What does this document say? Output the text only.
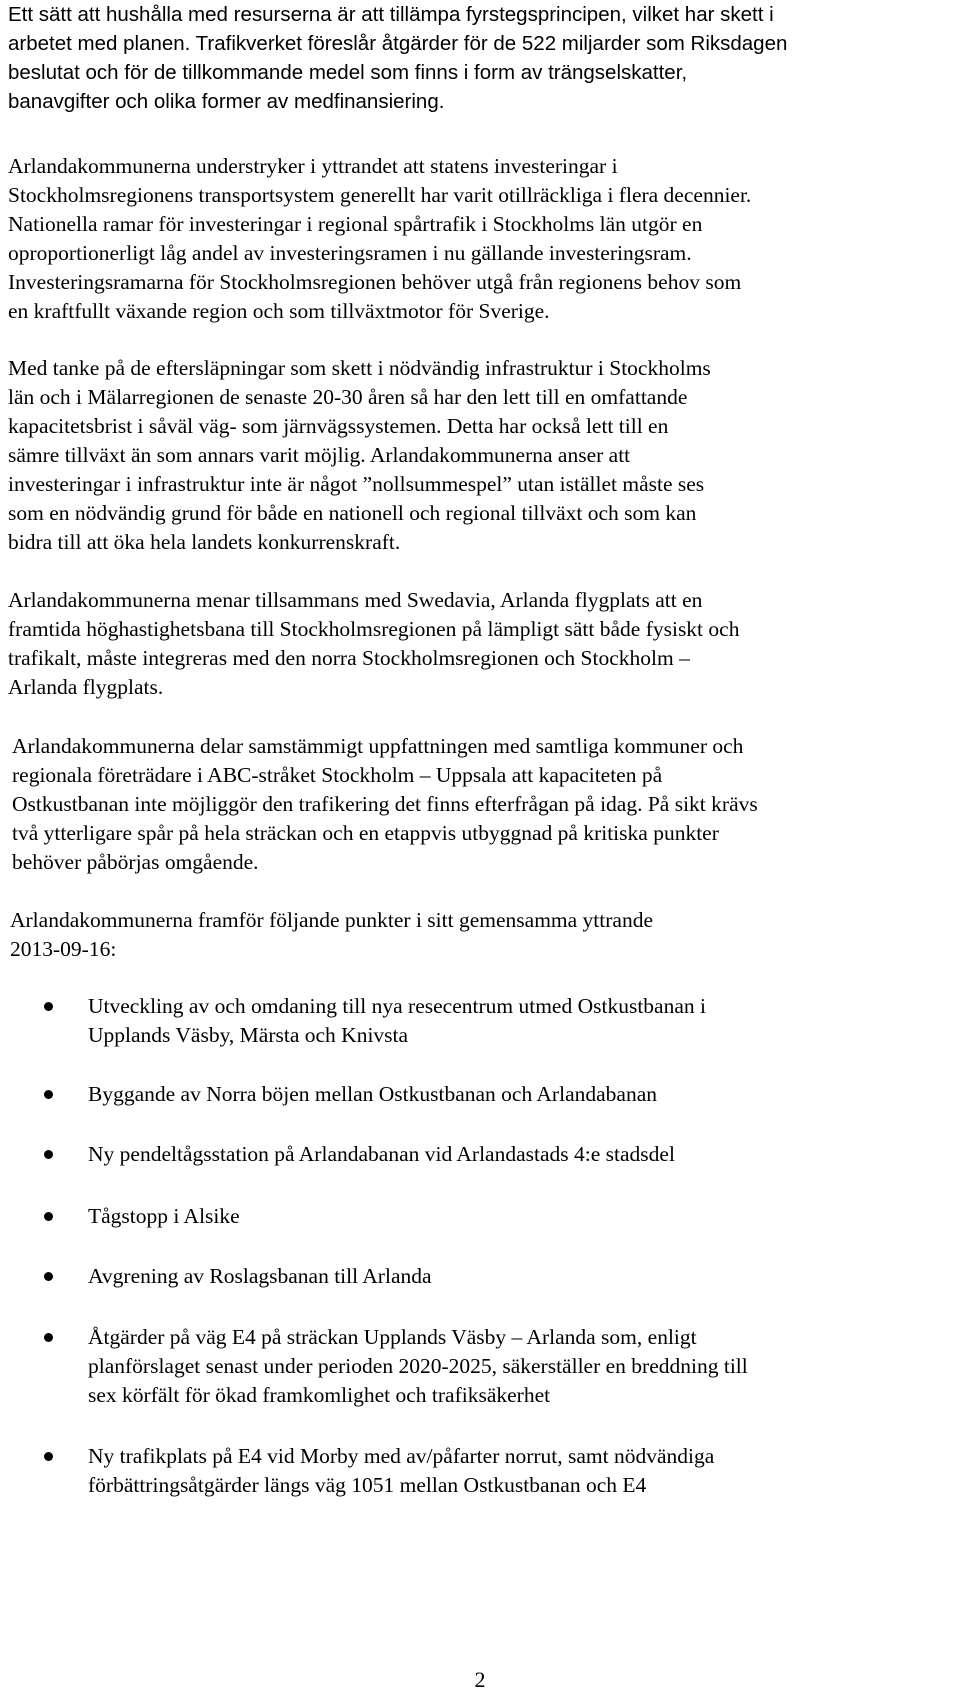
Ett sätt att hushålla med resurserna är att tillämpa fyrstegsprincipen, vilket har skett i
arbetet med planen. Trafikverket föreslår åtgärder för de 522 miljarder som Riksdagen
beslutat och för de tillkommande medel som finns i form av trängselskatter,
banavgifter och olika former av medfinansiering.

Arlandakommunerna understryker i yttrandet att statens investeringar i
Stockholmsregionens transportsystem generellt har varit otillräckliga i flera decennier.
Nationella ramar för investeringar i regional spårtrafik i Stockholms län utgör en
oproportionerligt låg andel av investeringsramen i nu gällande investeringsram.
Investeringsramarna för Stockholmsregionen behöver utgå från regionens behov som
en kraftfullt växande region och som tillväxtmotor för Sverige.

Med tanke på de eftersläpningar som skett i nödvändig infrastruktur i Stockholms
län och i Mälarregionen de senaste 20-30 åren så har den lett till en omfattande
kapacitetsbrist i såväl väg- som järnvägssystemen. Detta har också lett till en
sämre tillväxt än som annars varit möjlig. Arlandakommunerna anser att
investeringar i infrastruktur inte är något ”nollsummespel” utan istället måste ses
som en nödvändig grund för både en nationell och regional tillväxt och som kan
bidra till att öka hela landets konkurrenskraft.

Arlandakommunerna menar tillsammans med Swedavia, Arlanda flygplats att en
framtida höghastighetsbana till Stockholmsregionen på lämpligt sätt både fysiskt och
trafikalt, måste integreras med den norra Stockholmsregionen och Stockholm –
Arlanda flygplats.

Arlandakommunerna delar samstämmigt uppfattningen med samtliga kommuner och
regionala företrädare i ABC-stråket Stockholm – Uppsala att kapaciteten på
Ostkustbanan inte möjliggör den trafikering det finns efterfrågan på idag. På sikt krävs
två ytterligare spår på hela sträckan och en etappvis utbyggnad på kritiska punkter
behöver påbörjas omgående.

Arlandakommunerna framför följande punkter i sitt gemensamma yttrande
2013-09-16:

Utveckling av och omdaning till nya resecentrum utmed Ostkustbanan i
Upplands Väsby, Märsta och Knivsta
Byggande av Norra böjen mellan Ostkustbanan och Arlandabanan
Ny pendeltågsstation på Arlandabanan vid Arlandastads 4:e stadsdel
Tågstopp i Alsike
Avgrening av Roslagsbanan till Arlanda
Åtgärder på väg E4 på sträckan Upplands Väsby – Arlanda som, enligt
planförslaget senast under perioden 2020-2025, säkerställer en breddning till
sex körfält för ökad framkomlighet och trafiksäkerhet
Ny trafikplats på E4 vid Morby med av/påfarter norrut, samt nödvändiga
förbättringsåtgärder längs väg 1051 mellan Ostkustbanan och E4
2
